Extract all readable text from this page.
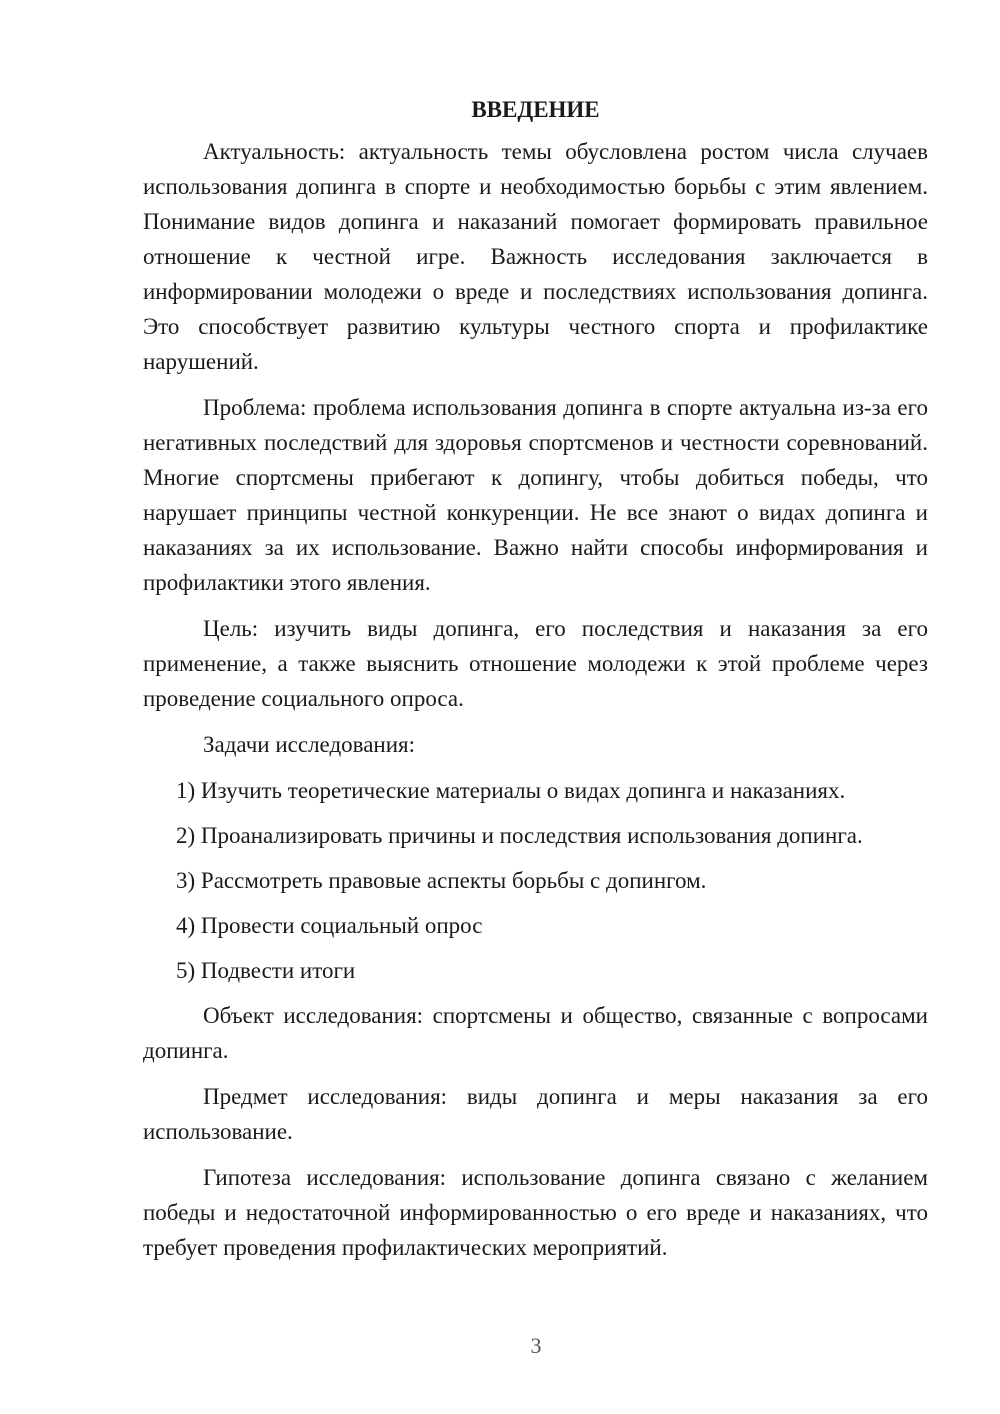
ВВЕДЕНИЕ

Актуальность: актуальность темы обусловлена ростом числа случаев использования допинга в спорте и необходимостью борьбы с этим явлением. Понимание видов допинга и наказаний помогает формировать правильное отношение к честной игре. Важность исследования заключается в информировании молодежи о вреде и последствиях использования допинга. Это способствует развитию культуры честного спорта и профилактике нарушений.

Проблема: проблема использования допинга в спорте актуальна из-за его негативных последствий для здоровья спортсменов и честности соревнований. Многие спортсмены прибегают к допингу, чтобы добиться победы, что нарушает принципы честной конкуренции. Не все знают о видах допинга и наказаниях за их использование. Важно найти способы информирования и профилактики этого явления.

Цель: изучить виды допинга, его последствия и наказания за его применение, а также выяснить отношение молодежи к этой проблеме через проведение социального опроса.

Задачи исследования:

1) Изучить теоретические материалы о видах допинга и наказаниях.
2) Проанализировать причины и последствия использования допинга.
3) Рассмотреть правовые аспекты борьбы с допингом.
4) Провести социальный опрос
5) Подвести итоги

Объект исследования: спортсмены и общество, связанные с вопросами допинга.

Предмет исследования: виды допинга и меры наказания за его использование.

Гипотеза исследования: использование допинга связано с желанием победы и недостаточной информированностью о его вреде и наказаниях, что требует проведения профилактических мероприятий.

3
